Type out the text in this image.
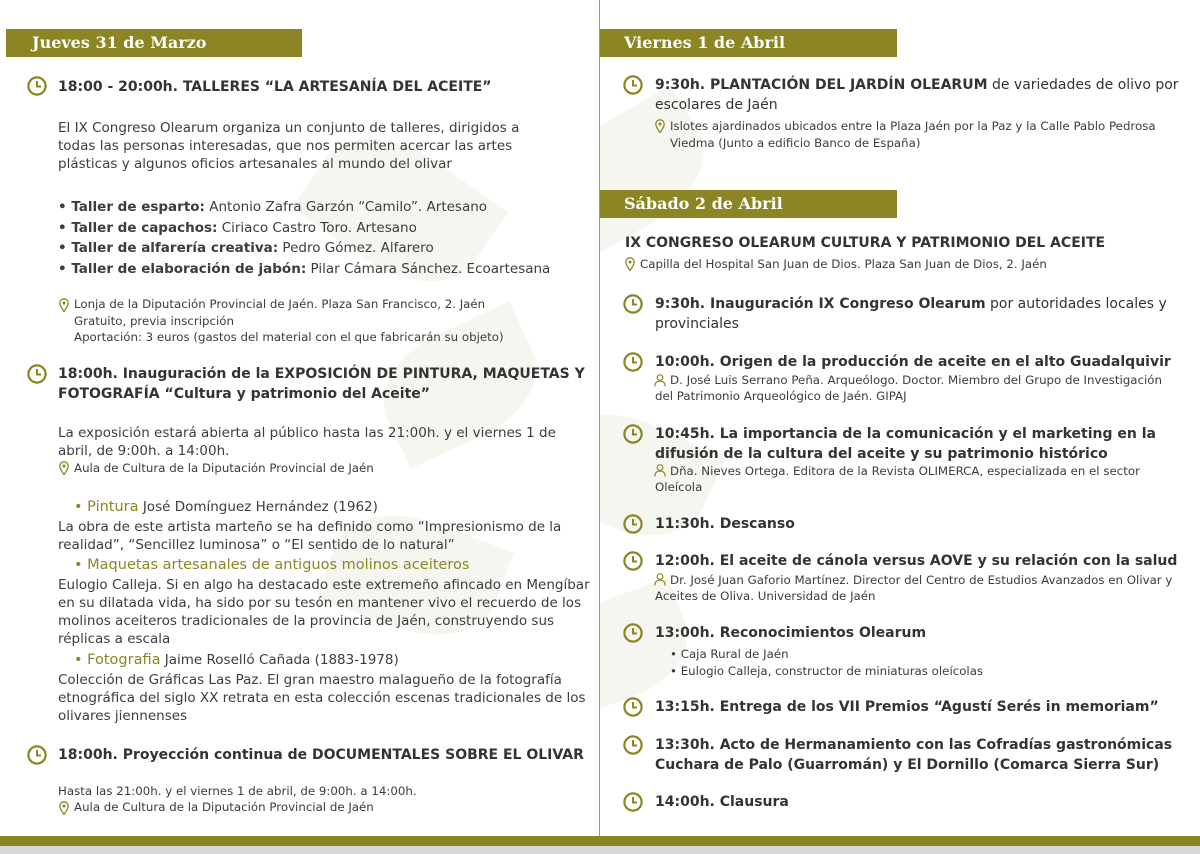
Jueves 31 de Marzo
18:00 - 20:00h. TALLERES “LA ARTESANÍA DEL ACEITE”
El IX Congreso Olearum organiza un conjunto de talleres, dirigidos a
todas las personas interesadas, que nos permiten acercar las artes
plásticas y algunos oficios artesanales al mundo del olivar
• Taller de esparto: Antonio Zafra Garzón “Camilo”. Artesano
• Taller de capachos: Ciriaco Castro Toro. Artesano
• Taller de alfarería creativa: Pedro Gómez. Alfarero
• Taller de elaboración de jabón: Pilar Cámara Sánchez. Ecoartesana
Lonja de la Diputación Provincial de Jaén. Plaza San Francisco, 2. Jaén
Gratuito, previa inscripción
Aportación: 3 euros (gastos del material con el que fabricarán su objeto)
18:00h. Inauguración de la EXPOSICIÓN DE PINTURA, MAQUETAS Y
FOTOGRAFÍA “Cultura y patrimonio del Aceite”
La exposición estará abierta al público hasta las 21:00h. y el viernes 1 de
abril, de 9:00h. a 14:00h.
Aula de Cultura de la Diputación Provincial de Jaén
• Pintura José Domínguez Hernández (1962)
La obra de este artista marteño se ha definido como “Impresionismo de la
realidad”, “Sencillez luminosa” o “El sentido de lo natural”
• Maquetas artesanales de antiguos molinos aceiteros
Eulogio Calleja. Si en algo ha destacado este extremeño afincado en Mengíbar
en su dilatada vida, ha sido por su tesón en mantener vivo el recuerdo de los
molinos aceiteros tradicionales de la provincia de Jaén, construyendo sus
réplicas a escala
• Fotografia Jaime Roselló Cañada (1883-1978)
Colección de Gráficas Las Paz. El gran maestro malagueño de la fotografía
etnográfica del siglo XX retrata en esta colección escenas tradicionales de los
olivares jiennenses
18:00h. Proyección continua de DOCUMENTALES SOBRE EL OLIVAR
Hasta las 21:00h. y el viernes 1 de abril, de 9:00h. a 14:00h.
Aula de Cultura de la Diputación Provincial de Jaén
Viernes 1 de Abril
9:30h. PLANTACIÓN DEL JARDÍN OLEARUM de variedades de olivo por
escolares de Jaén
Islotes ajardinados ubicados entre la Plaza Jaén por la Paz y la Calle Pablo Pedrosa
Viedma (Junto a edificio Banco de España)
Sábado 2 de Abril
IX CONGRESO OLEARUM CULTURA Y PATRIMONIO DEL ACEITE
Capilla del Hospital San Juan de Dios. Plaza San Juan de Dios, 2. Jaén
9:30h. Inauguración IX Congreso Olearum por autoridades locales y
provinciales
10:00h. Origen de la producción de aceite en el alto Guadalquivir
D. José Luis Serrano Peña. Arqueólogo. Doctor. Miembro del Grupo de Investigación
del Patrimonio Arqueológico de Jaén. GIPAJ
10:45h. La importancia de la comunicación y el marketing en la
difusión de la cultura del aceite y su patrimonio histórico
Dña. Nieves Ortega. Editora de la Revista OLIMERCA, especializada en el sector
Oleícola
11:30h. Descanso
12:00h. El aceite de cánola versus AOVE y su relación con la salud
Dr. José Juan Gaforio Martínez. Director del Centro de Estudios Avanzados en Olivar y
Aceites de Oliva. Universidad de Jaén
13:00h. Reconocimientos Olearum
• Caja Rural de Jaén
• Eulogio Calleja, constructor de miniaturas oleícolas
13:15h. Entrega de los VII Premios “Agustí Serés in memoriam”
13:30h. Acto de Hermanamiento con las Cofradías gastronómicas
Cuchara de Palo (Guarromán) y El Dornillo (Comarca Sierra Sur)
14:00h. Clausura
